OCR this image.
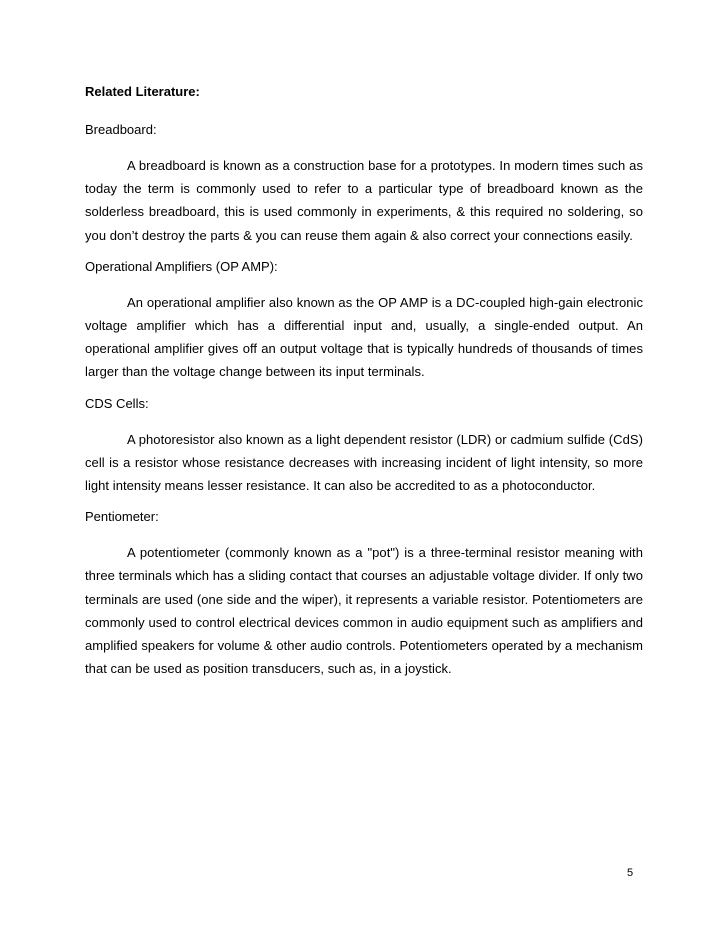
Related Literature:
Breadboard:

A breadboard is known as a construction base for a prototypes. In modern times such as today the term is commonly used to refer to a particular type of breadboard known as the solderless breadboard, this is used commonly in experiments, & this required no soldering, so you don’t destroy the parts & you can reuse them again & also correct your connections easily.

Operational Amplifiers (OP AMP):

An operational amplifier also known as the OP AMP is a DC-coupled high-gain electronic voltage amplifier which has a differential input and, usually, a single-ended output. An operational amplifier gives off an output voltage that is typically hundreds of thousands of times larger than the voltage change between its input terminals.

CDS Cells:

A photoresistor also known as a light dependent resistor (LDR) or cadmium sulfide (CdS) cell is a resistor whose resistance decreases with increasing incident of light intensity, so more light intensity means lesser resistance. It can also be accredited to as a photoconductor.

Pentiometer:

A potentiometer (commonly known as a "pot") is a three-terminal resistor meaning with three terminals which has a sliding contact that courses an adjustable voltage divider. If only two terminals are used (one side and the wiper), it represents a variable resistor. Potentiometers are commonly used to control electrical devices common in audio equipment such as amplifiers and amplified speakers for volume & other audio controls. Potentiometers operated by a mechanism that can be used as position transducers, such as, in a joystick.

5
